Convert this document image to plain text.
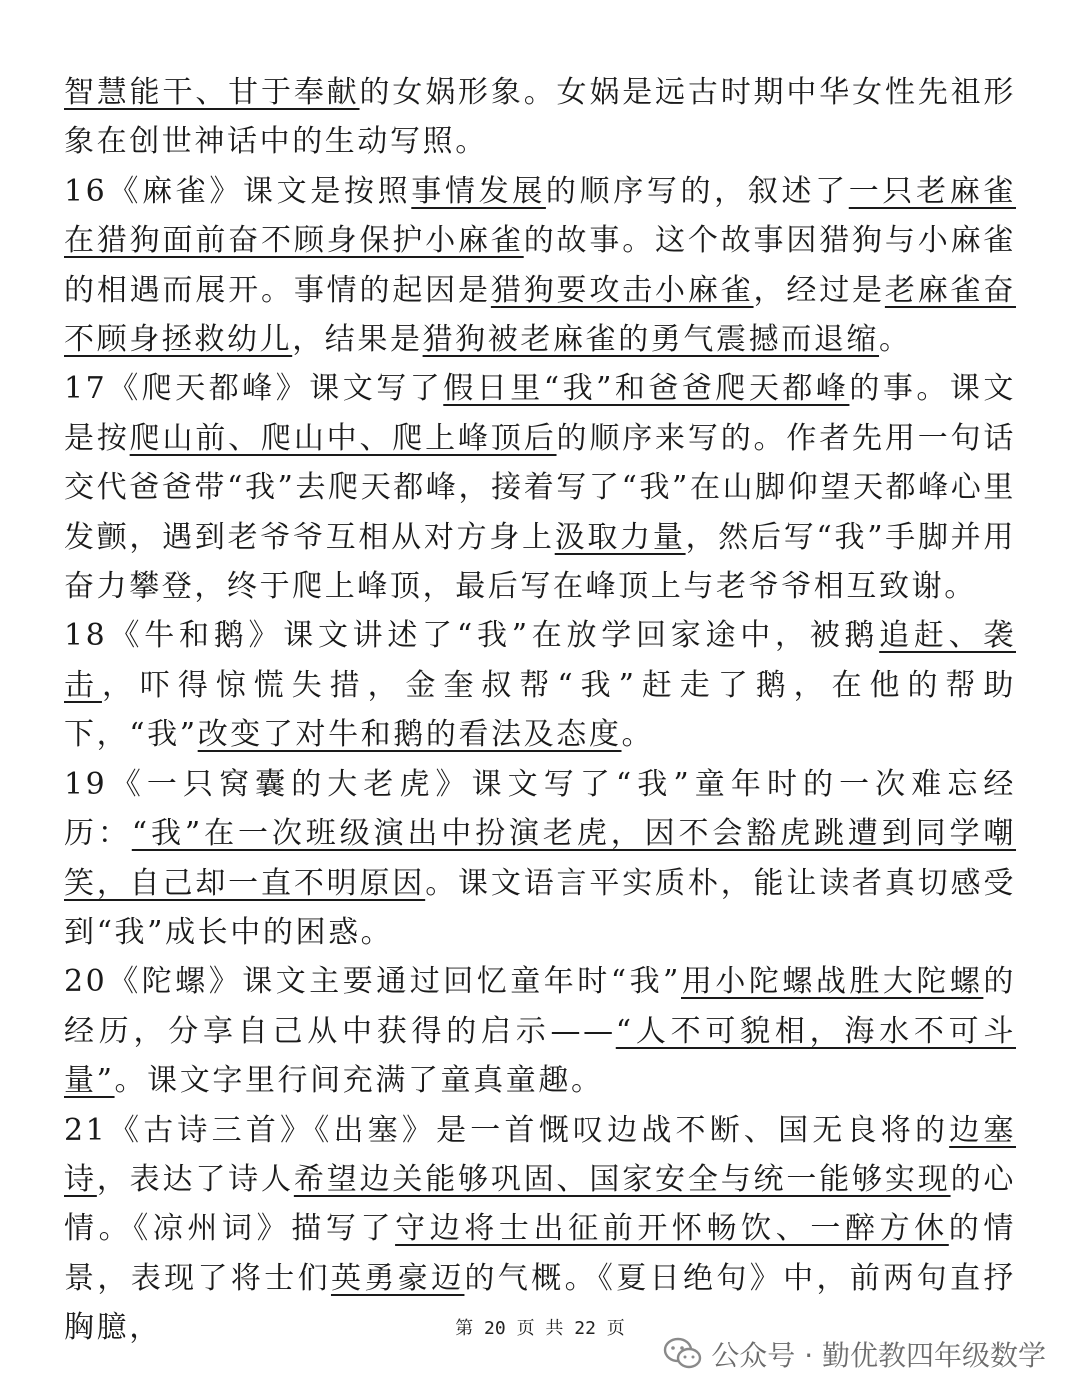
智慧能干、甘于奉献的女娲形象。女娲是远古时期中华女性先祖形象在创世神话中的生动写照。

16《麻雀》课文是按照事情发展的顺序写的，叙述了一只老麻雀在猎狗面前奋不顾身保护小麻雀的故事。这个故事因猎狗与小麻雀的相遇而展开。事情的起因是猎狗要攻击小麻雀，经过是老麻雀奋不顾身拯救幼儿，结果是猎狗被老麻雀的勇气震撼而退缩。

17《爬天都峰》课文写了假日里“我”和爸爸爬天都峰的事。课文是按爬山前、爬山中、爬上峰顶后的顺序来写的。作者先用一句话交代爸爸带“我”去爬天都峰，接着写了“我”在山脚仰望天都峰心里发颤，遇到老爷爷互相从对方身上汲取力量，然后写“我”手脚并用奋力攀登，终于爬上峰顶，最后写在峰顶上与老爷爷相互致谢。

18《牛和鹅》课文讲述了“我”在放学回家途中，被鹅追赶、袭击，吓得惊慌失措，金奎叔帮“我”赶走了鹅，在他的帮助下，“我”改变了对牛和鹅的看法及态度。

19《一只窝囊的大老虎》课文写了“我”童年时的一次难忘经历：“我”在一次班级演出中扮演老虎，因不会豁虎跳遭到同学嘲笑，自己却一直不明原因。课文语言平实质朴，能让读者真切感受到“我”成长中的困惑。

20《陀螺》课文主要通过回忆童年时“我”用小陀螺战胜大陀螺的经历，分享自己从中获得的启示——“人不可貌相，海水不可斗量”。课文字里行间充满了童真童趣。

21《古诗三首》《出塞》是一首慨叹边战不断、国无良将的边塞诗，表达了诗人希望边关能够巩固、国家安全与统一能够实现的心情。《凉州词》描写了守边将士出征前开怀畅饮、一醉方休的情景，表现了将士们英勇豪迈的气概。《夏日绝句》中，前两句直抒胸臆，	第 20 页 共 22 页
公众号 · 勤优教四年级数学
